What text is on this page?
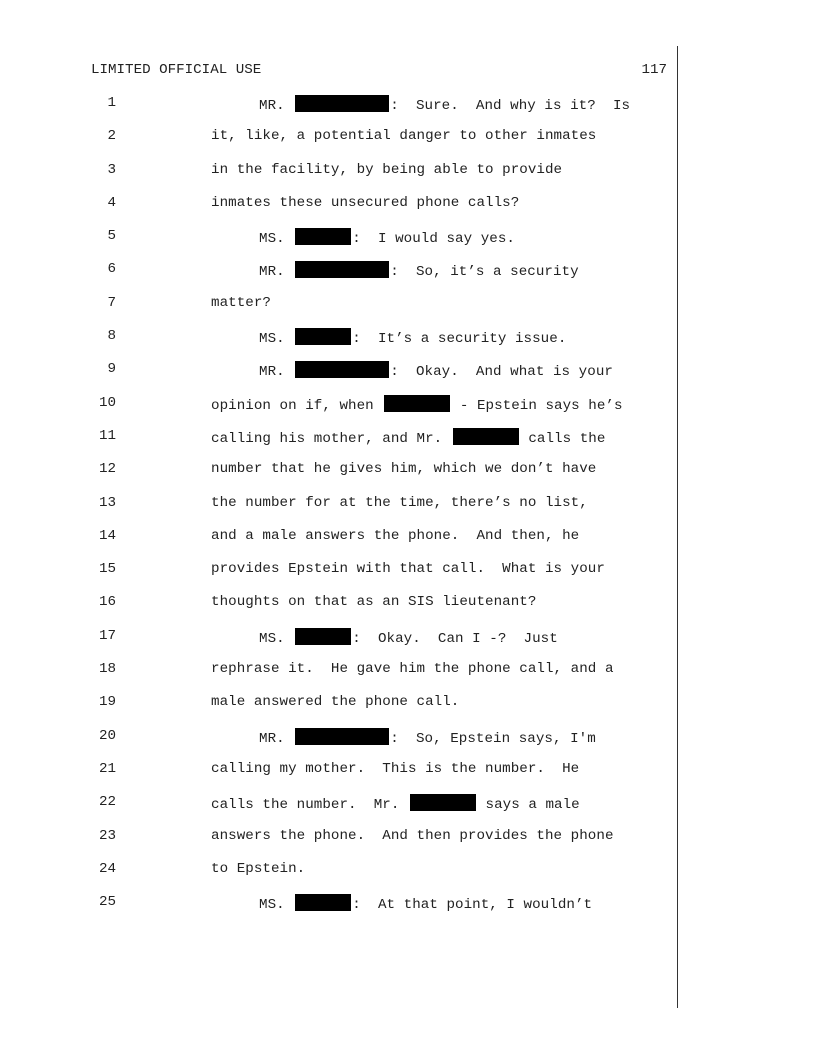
LIMITED OFFICIAL USE	117
1	MR.	:  Sure.  And why is it?  Is
2	it, like, a potential danger to other inmates
3	in the facility, by being able to provide
4	inmates these unsecured phone calls?
5	MS.	:  I would say yes.
6	MR.	:  So, it’s a security
7	matter?
8	MS.	:  It’s a security issue.
9	MR.	:  Okay.  And what is your
10	opinion on if, when	- Epstein says he’s
11	calling his mother, and Mr.	calls the
12	number that he gives him, which we don’t have
13	the number for at the time, there’s no list,
14	and a male answers the phone.  And then, he
15	provides Epstein with that call.  What is your
16	thoughts on that as an SIS lieutenant?
17	MS.	:  Okay.  Can I -?  Just
18	rephrase it.  He gave him the phone call, and a
19	male answered the phone call.
20	MR.	:  So, Epstein says, I'm
21	calling my mother.  This is the number.  He
22	calls the number.  Mr.	says a male
23	answers the phone.  And then provides the phone
24	to Epstein.
25	MS.	:  At that point, I wouldn’t
